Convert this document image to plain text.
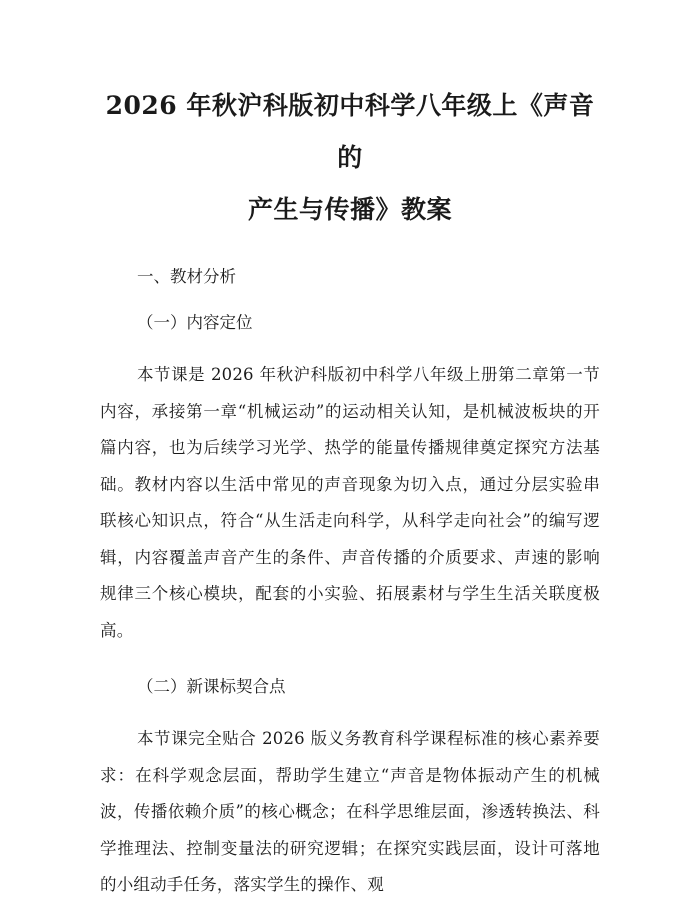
2026 年秋沪科版初中科学八年级上《声音的
产生与传播》教案

一、教材分析

（一）内容定位

本节课是 2026 年秋沪科版初中科学八年级上册第二章第一节内容，承接第一章“机械运动”的运动相关认知，是机械波板块的开篇内容，也为后续学习光学、热学的能量传播规律奠定探究方法基础。教材内容以生活中常见的声音现象为切入点，通过分层实验串联核心知识点，符合“从生活走向科学，从科学走向社会”的编写逻辑，内容覆盖声音产生的条件、声音传播的介质要求、声速的影响规律三个核心模块，配套的小实验、拓展素材与学生生活关联度极高。

（二）新课标契合点

本节课完全贴合 2026 版义务教育科学课程标准的核心素养要求：在科学观念层面，帮助学生建立“声音是物体振动产生的机械波，传播依赖介质”的核心概念；在科学思维层面，渗透转换法、科学推理法、控制变量法的研究逻辑；在探究实践层面，设计可落地的小组动手任务，落实学生的操作、观
